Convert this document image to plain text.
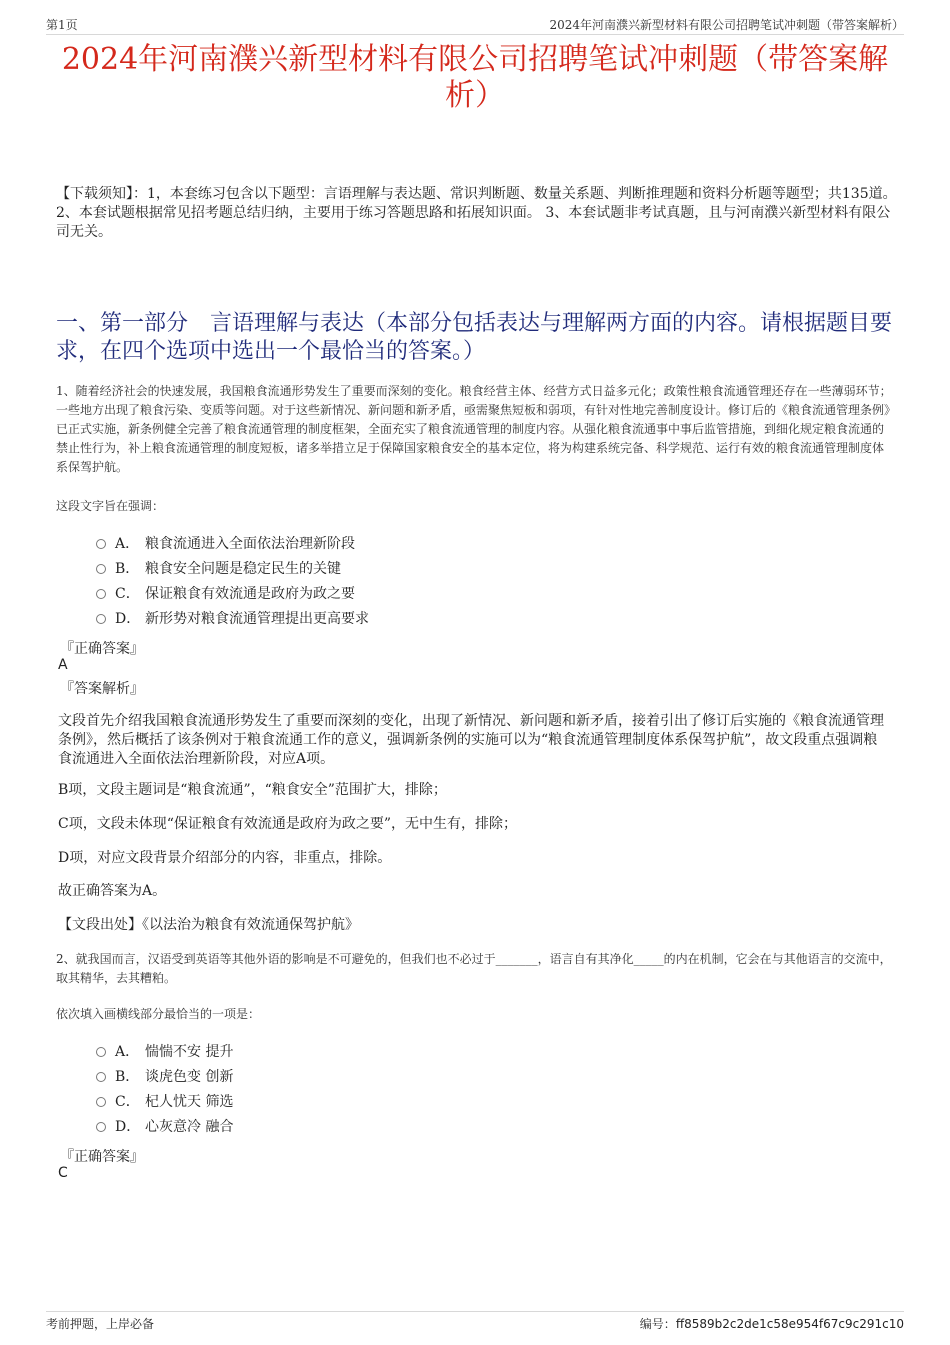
第1页	2024年河南濮兴新型材料有限公司招聘笔试冲刺题（带答案解析）
2024年河南濮兴新型材料有限公司招聘笔试冲刺题（带答案解析）
【下载须知】：1，本套练习包含以下题型：言语理解与表达题、常识判断题、数量关系题、判断推理题和资料分析题等题型；共135道。 2、本套试题根据常见招考题总结归纳，主要用于练习答题思路和拓展知识面。 3、本套试题非考试真题，且与河南濮兴新型材料有限公司无关。
一、第一部分　言语理解与表达（本部分包括表达与理解两方面的内容。请根据题目要求，在四个选项中选出一个最恰当的答案。）
1、随着经济社会的快速发展，我国粮食流通形势发生了重要而深刻的变化。粮食经营主体、经营方式日益多元化；政策性粮食流通管理还存在一些薄弱环节；一些地方出现了粮食污染、变质等问题。对于这些新情况、新问题和新矛盾，亟需聚焦短板和弱项，有针对性地完善制度设计。修订后的《粮食流通管理条例》已正式实施，新条例健全完善了粮食流通管理的制度框架，全面充实了粮食流通管理的制度内容。从强化粮食流通事中事后监管措施，到细化规定粮食流通的禁止性行为，补上粮食流通管理的制度短板，诸多举措立足于保障国家粮食安全的基本定位，将为构建系统完备、科学规范、运行有效的粮食流通管理制度体系保驾护航。
这段文字旨在强调：
A． 粮食流通进入全面依法治理新阶段
B． 粮食安全问题是稳定民生的关键
C． 保证粮食有效流通是政府为政之要
D． 新形势对粮食流通管理提出更高要求
『正确答案』
A
『答案解析』
文段首先介绍我国粮食流通形势发生了重要而深刻的变化，出现了新情况、新问题和新矛盾，接着引出了修订后实施的《粮食流通管理条例》，然后概括了该条例对于粮食流通工作的意义，强调新条例的实施可以为“粮食流通管理制度体系保驾护航”，故文段重点强调粮食流通进入全面依法治理新阶段，对应A项。
B项，文段主题词是“粮食流通”，“粮食安全”范围扩大，排除；
C项，文段未体现“保证粮食有效流通是政府为政之要”，无中生有，排除；
D项，对应文段背景介绍部分的内容，非重点，排除。
故正确答案为A。
【文段出处】《以法治为粮食有效流通保驾护航》
2、就我国而言，汉语受到英语等其他外语的影响是不可避免的，但我们也不必过于_______，语言自有其净化_____的内在机制，它会在与其他语言的交流中，取其精华，去其糟粕。
依次填入画横线部分最恰当的一项是：
A． 惴惴不安 提升
B． 谈虎色变 创新
C． 杞人忧天 筛选
D． 心灰意冷 融合
『正确答案』
C
考前押题，上岸必备	编号：ff8589b2c2de1c58e954f67c9c291c10
